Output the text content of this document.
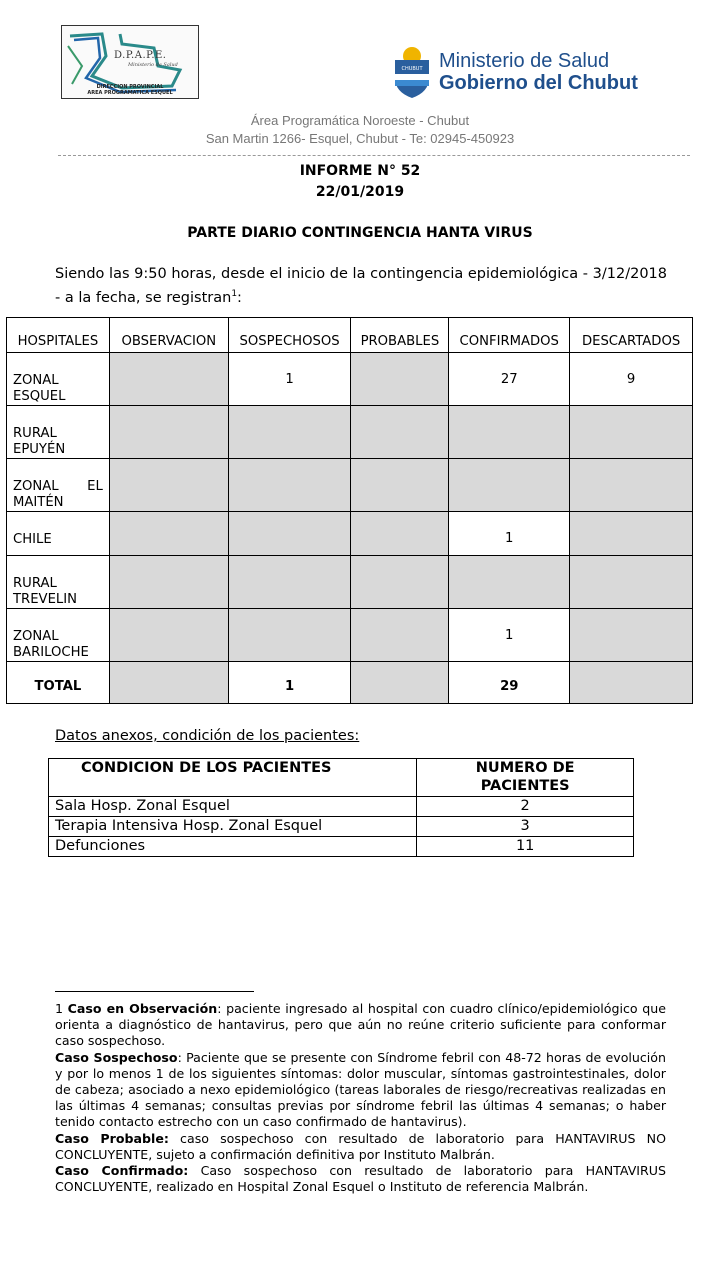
D.P.A.P.E.
Ministerio de Salud
DIRECCION PROVINCIAL
AREA PROGRAMATICA ESQUEL
CHUBUT Ministerio de Salud
Gobierno del Chubut
Área Programática Noroeste - Chubut
San Martin 1266- Esquel, Chubut - Te: 02945-450923
INFORME N° 52
22/01/2019
PARTE DIARIO CONTINGENCIA HANTA VIRUS
Siendo las 9:50 horas, desde el inicio de la contingencia epidemiológica - 3/12/2018 - a la fecha, se registran$^1$:
HOSPITALES	OBSERVACION	SOSPECHOSOS	PROBABLES	CONFIRMADOS	DESCARTADOS
ZONAL ESQUEL		1		27	9
RURAL EPUYÉN					
ZONAL EL MAITÉN					
CHILE				1	
RURAL TREVELIN					
ZONAL BARILOCHE				1	
TOTAL		1		29	
Datos anexos, condición de los pacientes:
CONDICION DE LOS PACIENTES	NUMERO DE
PACIENTES

Sala Hosp. Zonal Esquel	2
Terapia Intensiva Hosp. Zonal Esquel	3
Defunciones	11

1 Caso en Observación: paciente ingresado al hospital con cuadro clínico/epidemiológico que orienta a diagnóstico de hantavirus, pero que aún no reúne criterio suficiente para conformar caso sospechoso.

Caso Sospechoso: Paciente que se presente con Síndrome febril con 48-72 horas de evolución y por lo menos 1 de los siguientes síntomas: dolor muscular, síntomas gastrointestinales, dolor de cabeza; asociado a nexo epidemiológico (tareas laborales de riesgo/recreativas realizadas en las últimas 4 semanas; consultas previas por síndrome febril las últimas 4 semanas; o haber tenido contacto estrecho con un caso confirmado de hantavirus).

Caso Probable: caso sospechoso con resultado de laboratorio para HANTAVIRUS NO CONCLUYENTE, sujeto a confirmación definitiva por Instituto Malbrán.

Caso Confirmado: Caso sospechoso con resultado de laboratorio para HANTAVIRUS CONCLUYENTE, realizado en Hospital Zonal Esquel o Instituto de referencia Malbrán.
